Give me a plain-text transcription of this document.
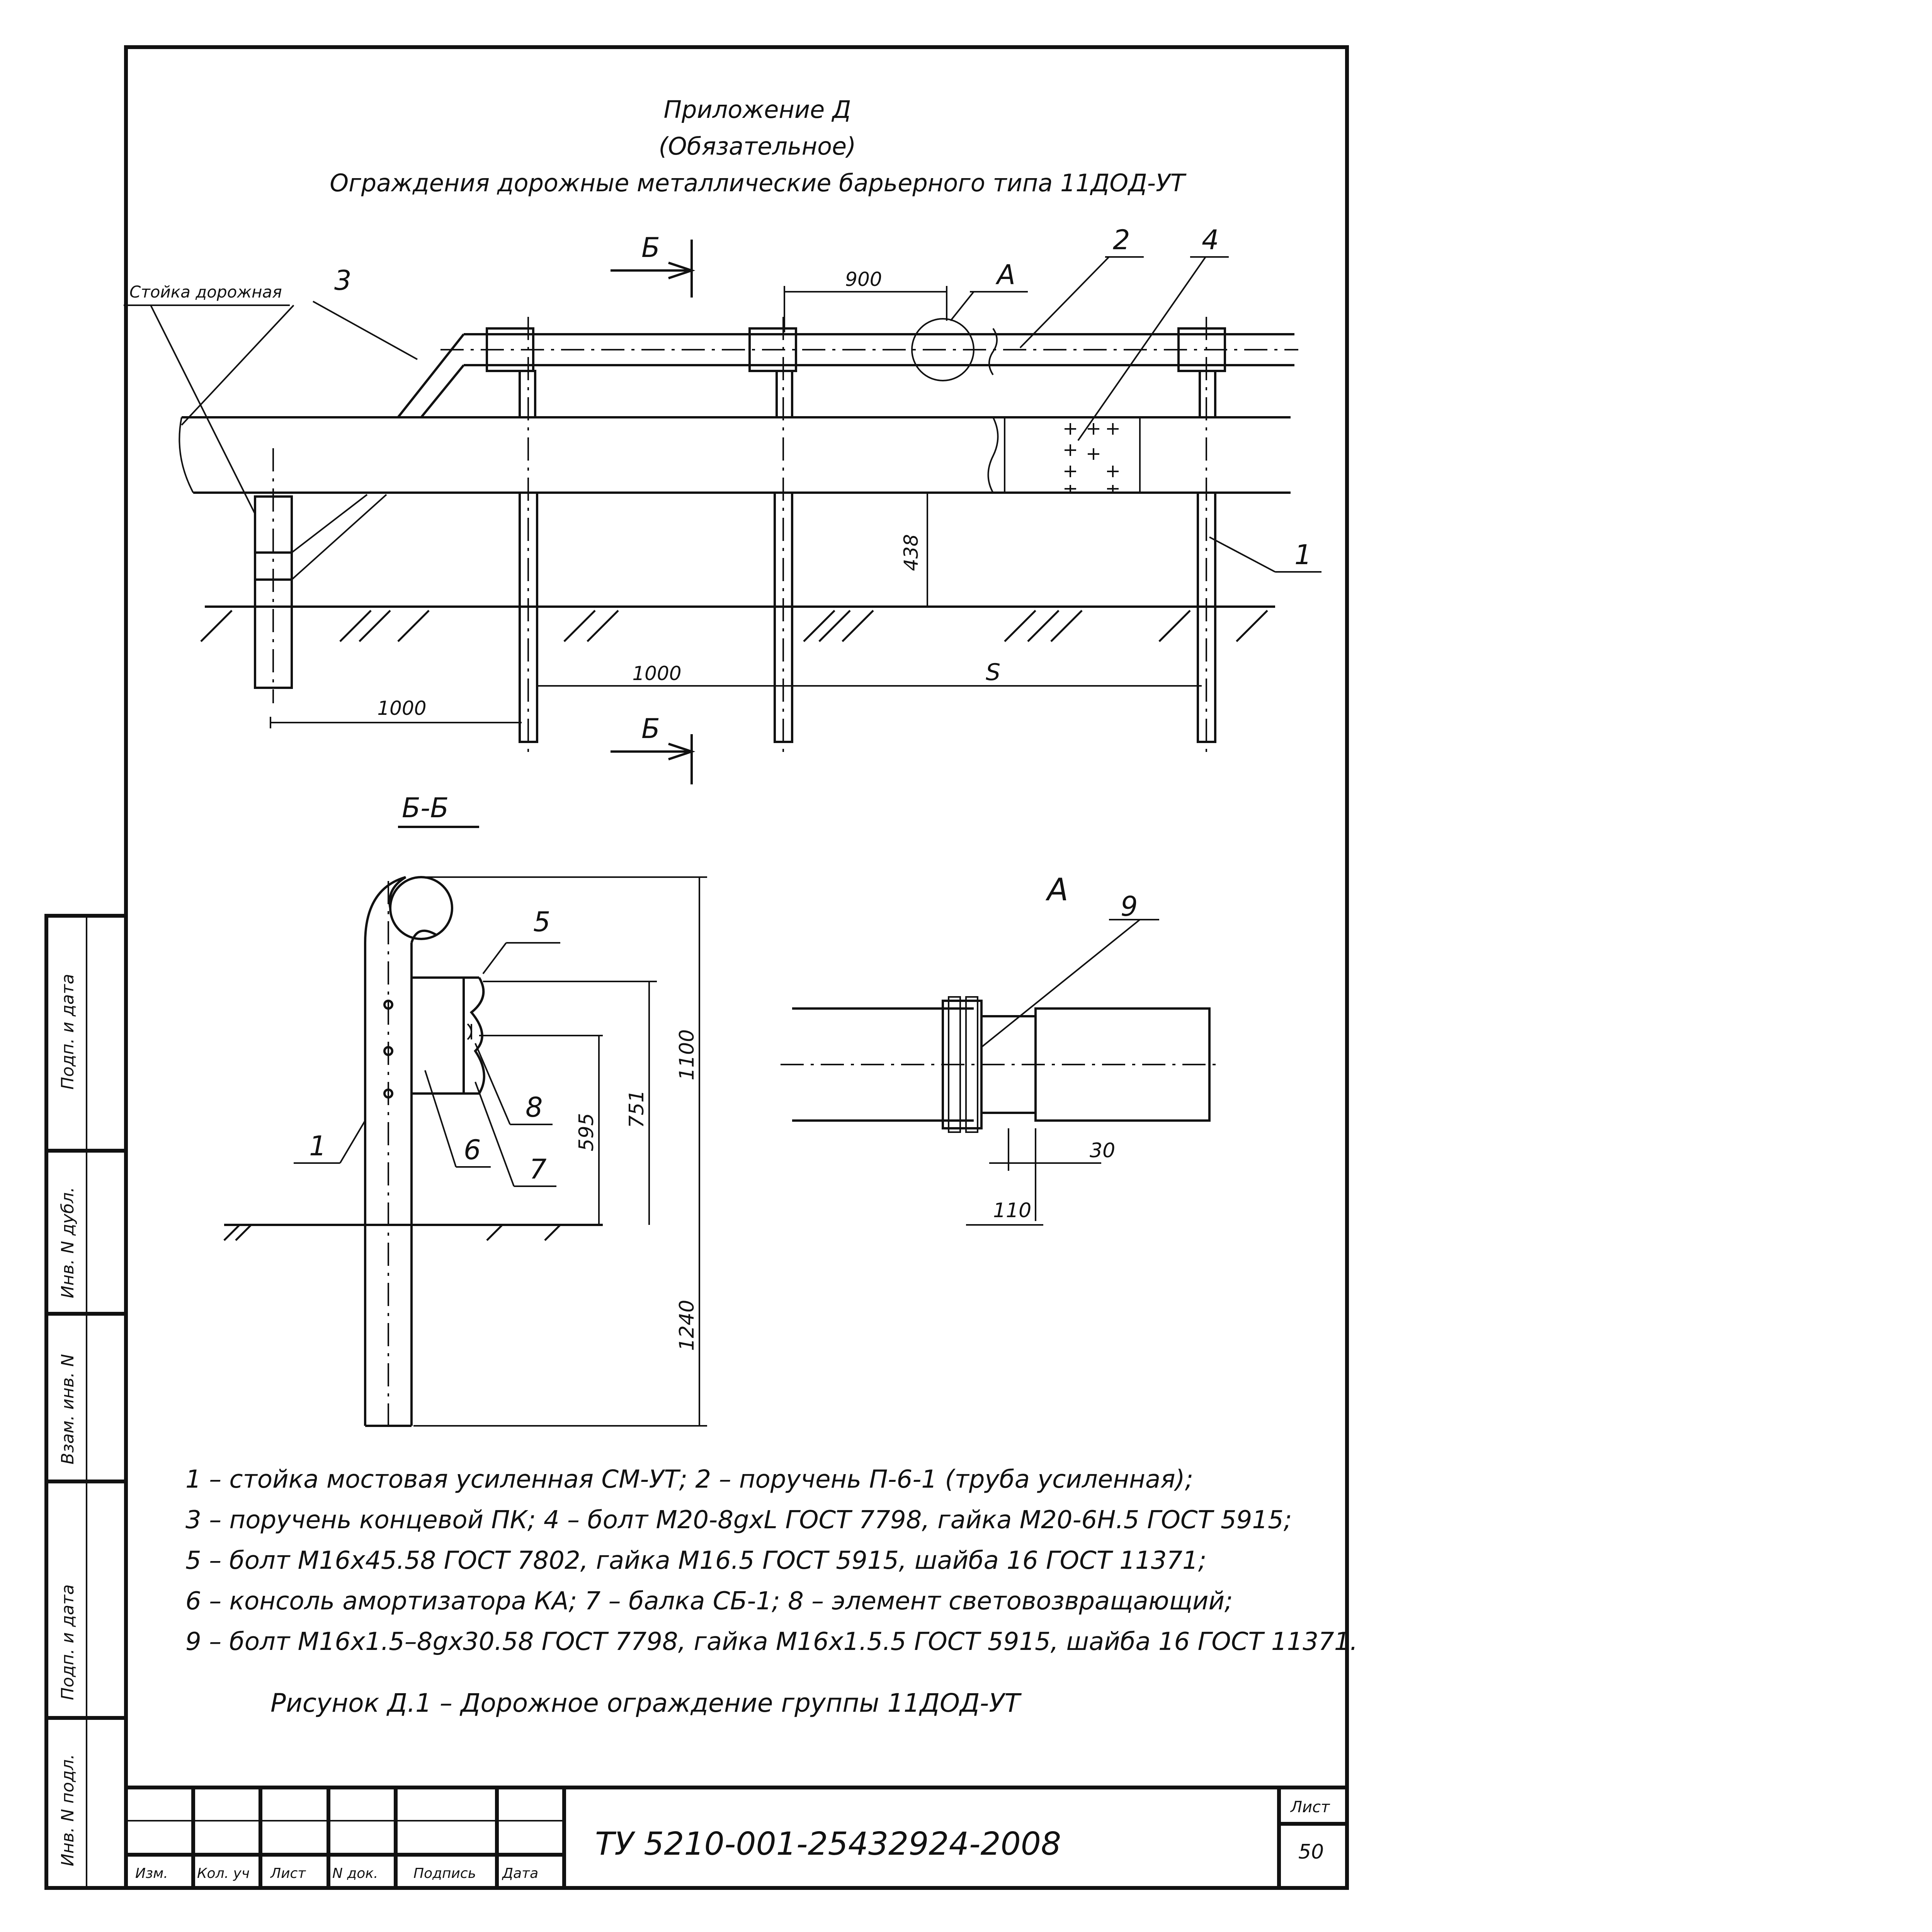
Подп. и дата
Инв. N дубл.
Взам. инв. N
Подп. и дата
Инв. N подл.
Приложение Д
(Обязательное)
Ограждения дорожные металлические барьерного типа 11ДОД-УТ
900
438
1000
1000
S
Б
Б
А
3
2	4
1
Стойка дорожная
Б-Б
595
751
1100
1240
5
8
6
7
1
А
30
110
9
1 – стойка мостовая усиленная СМ-УТ; 2 – поручень П-6-1 (труба усиленная);
3 – поручень концевой ПК; 4 – болт М20-8gxL ГОСТ 7798, гайка М20-6Н.5 ГОСТ 5915;
5 – болт М16х45.58 ГОСТ 7802, гайка М16.5 ГОСТ 5915, шайба 16 ГОСТ 11371;
6 – консоль амортизатора КА; 7 – балка СБ-1; 8 – элемент световозвращающий;
9 – болт М16х1.5–8gх30.58 ГОСТ 7798, гайка М16х1.5.5 ГОСТ 5915, шайба 16 ГОСТ 11371.
Рисунок Д.1 – Дорожное ограждение группы 11ДОД-УТ
Изм. Кол. уч Лист N док.	Подпись Дата
ТУ 5210-001-25432924-2008
Лист
50
